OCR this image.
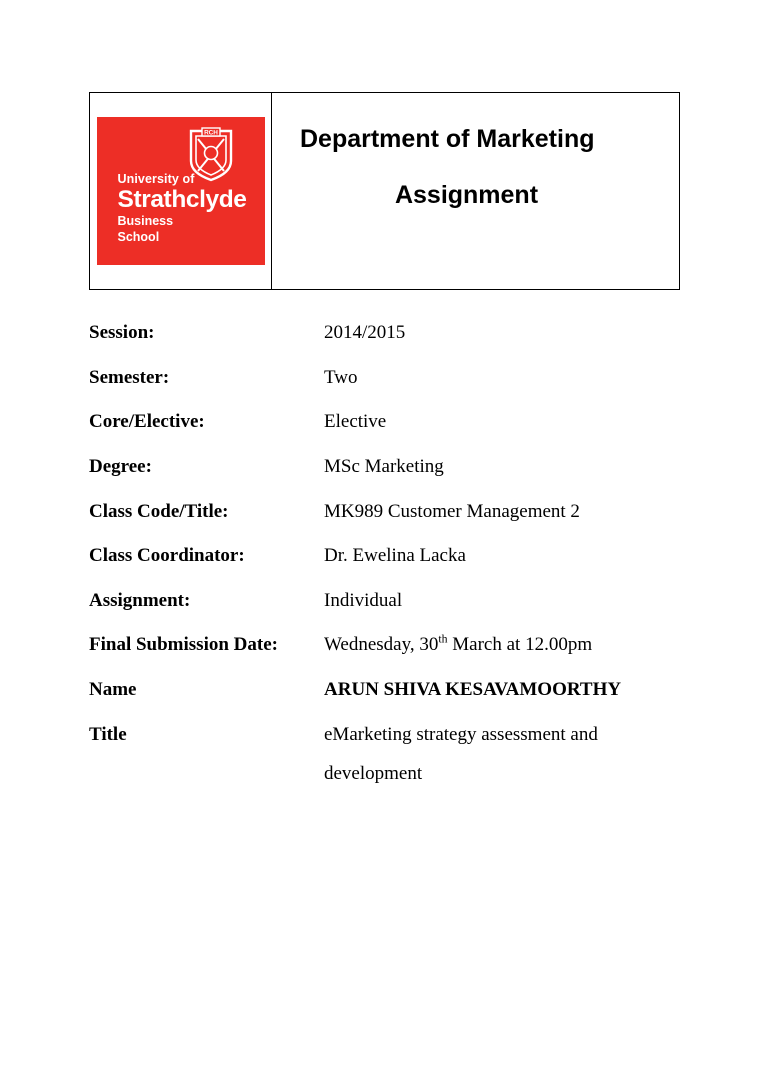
RCH
University of
Strathclyde
Business
School
Department of Marketing
Assignment
Session:	2014/2015
Semester:	Two
Core/Elective:	Elective
Degree:	MSc Marketing
Class Code/Title:	MK989 Customer Management 2
Class Coordinator:	Dr. Ewelina Lacka
Assignment:	Individual
Final Submission Date:	Wednesday, 30th March at 12.00pm
Name	ARUN SHIVA KESAVAMOORTHY
Title	eMarketing strategy assessment and
development
